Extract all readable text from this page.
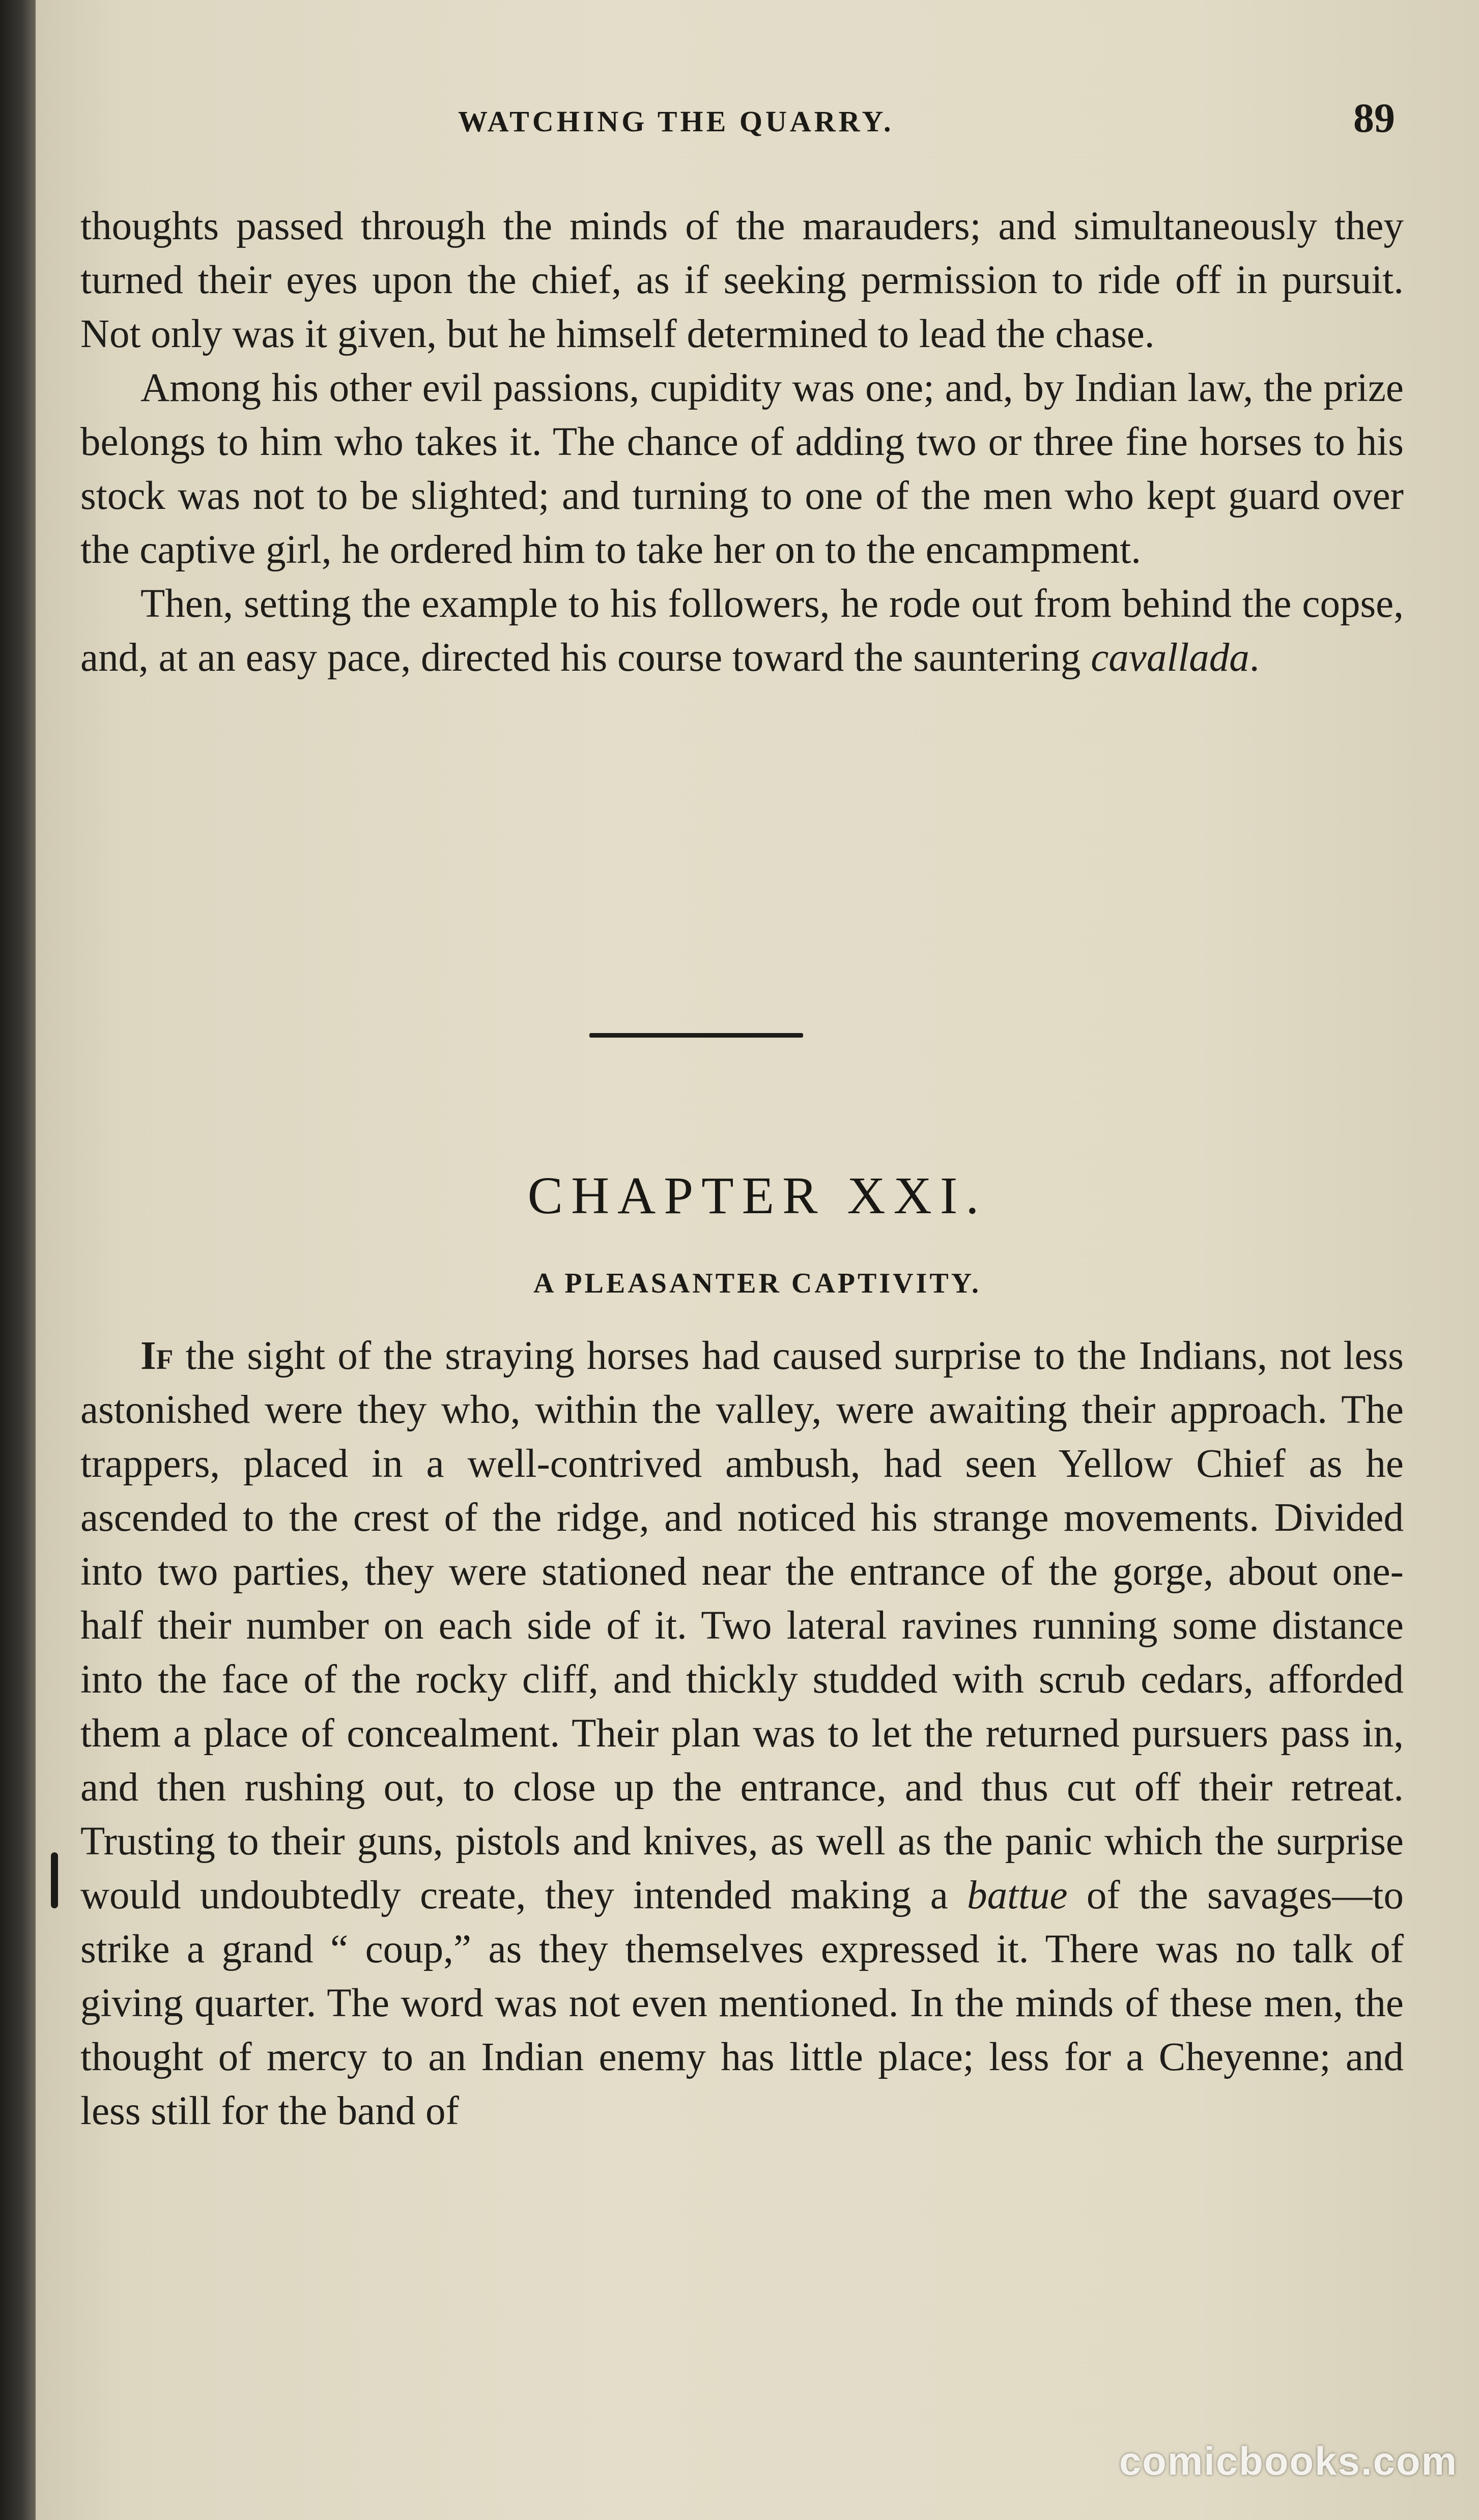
WATCHING THE QUARRY.	89

thoughts passed through the minds of the marauders; and simultaneously they turned their eyes upon the chief, as if seeking permission to ride off in pursuit. Not only was it given, but he himself determined to lead the chase.

Among his other evil passions, cupidity was one; and, by Indian law, the prize belongs to him who takes it. The chance of adding two or three fine horses to his stock was not to be slighted; and turning to one of the men who kept guard over the captive girl, he ordered him to take her on to the encampment.

Then, setting the example to his followers, he rode out from behind the copse, and, at an easy pace, directed his course toward the sauntering cavallada.

CHAPTER XXI.
A PLEASANTER CAPTIVITY.

If the sight of the straying horses had caused surprise to the Indians, not less astonished were they who, within the valley, were awaiting their approach. The trappers, placed in a well-contrived ambush, had seen Yellow Chief as he ascended to the crest of the ridge, and noticed his strange movements. Divided into two parties, they were stationed near the entrance of the gorge, about one-half their number on each side of it. Two lateral ravines running some distance into the face of the rocky cliff, and thickly studded with scrub cedars, afforded them a place of concealment. Their plan was to let the returned pursuers pass in, and then rushing out, to close up the entrance, and thus cut off their retreat. Trusting to their guns, pistols and knives, as well as the panic which the surprise would undoubtedly create, they intended making a battue of the savages—to strike a grand “ coup,” as they themselves expressed it. There was no talk of giving quarter. The word was not even mentioned. In the minds of these men, the thought of mercy to an Indian enemy has little place; less for a Cheyenne; and less still for the band of

comicbooks.com
